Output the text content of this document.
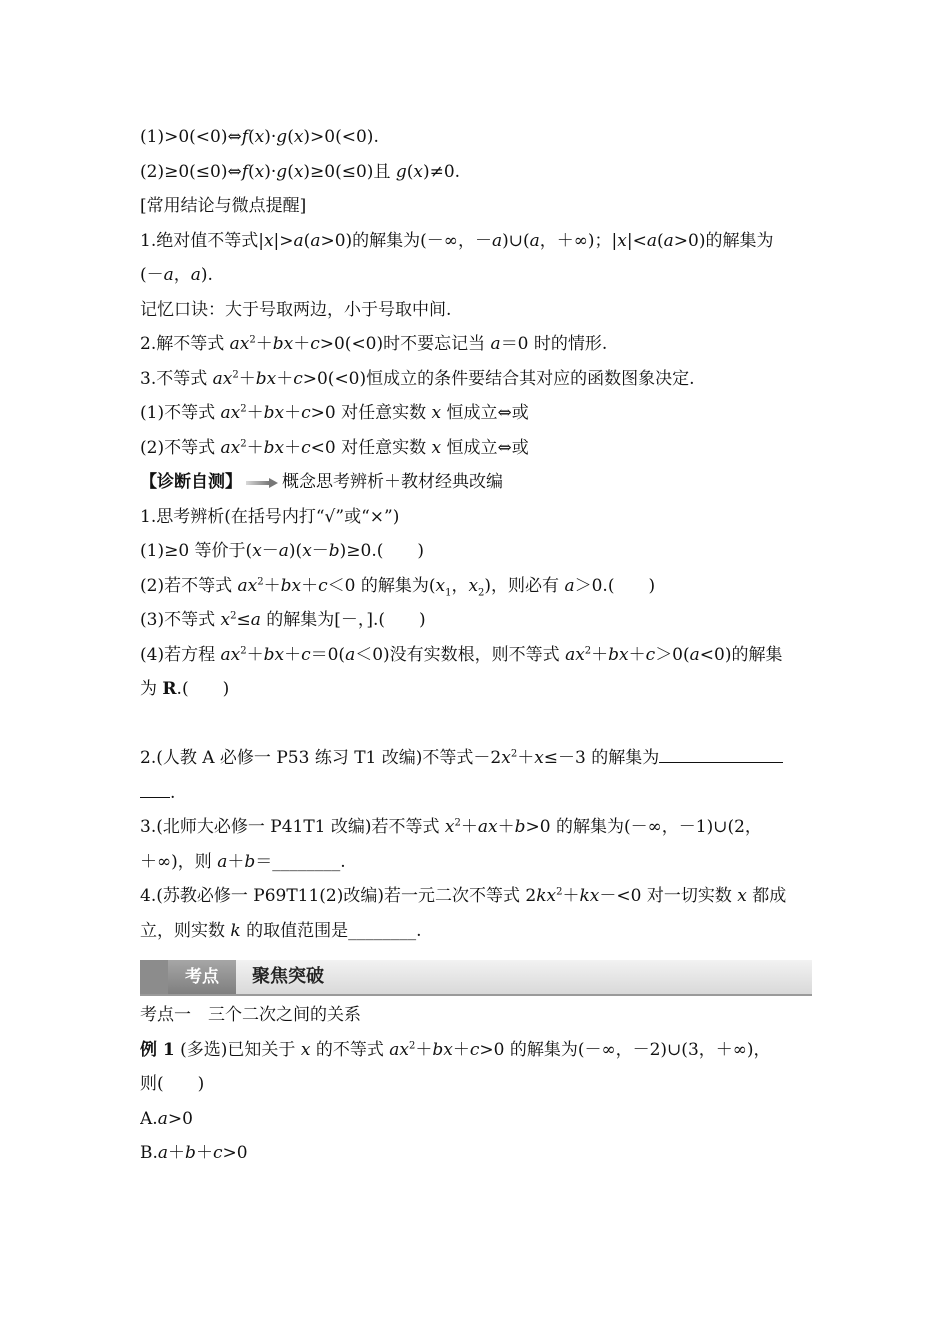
(1)>0(<0)⇔f(x)·g(x)>0(<0).
(2)≥0(≤0)⇔f(x)·g(x)≥0(≤0)且 g(x)≠0.
[常用结论与微点提醒]
1.绝对值不等式|x|>a(a>0)的解集为(－∞，－a)∪(a，＋∞)；|x|<a(a>0)的解集为
(－a，a).
记忆口诀：大于号取两边，小于号取中间.
2.解不等式 $ax^2+bx+c>0(<0)$时不要忘记当 a＝0 时的情形.
3.不等式 $ax^2+bx+c>0(<0)$恒成立的条件要结合其对应的函数图象决定.
(1)不等式 $ax^2+bx+c>0$ 对任意实数 x 恒成立⇔或
(2)不等式 $ax^2+bx+c<0$ 对任意实数 x 恒成立⇔或
【诊断自测】 概念思考辨析＋教材经典改编
1.思考辨析(在括号内打“√”或“×”)
(1)≥0 等价于(x－a)(x－b)≥0.(　　)
(2)若不等式 $ax^2+bx+c<0$ 的解集为($x_1$，$x_2$)，则必有 a＞0.(　　)
(3)不等式 $x^2\le a$ 的解集为[－，].(　　)
(4)若方程 $ax^2+bx+c=0(a<0)$没有实数根，则不等式 $ax^2+bx+c>0(a<0)$的解集
为 R.(　　)
2.(人教 A 必修一 P53 练习 T1 改编)不等式$-2x^2+x\le-3$ 的解集为
.
3.(北师大必修一 P41T1 改编)若不等式 $x^2+ax+b>0$ 的解集为(－∞，－1)∪(2，
＋∞)，则 a＋b＝________.
4.(苏教必修一 P69T11(2)改编)若一元二次不等式 $2kx^2+kx-<0$ 对一切实数 x 都成
立，则实数 k 的取值范围是________.
考点	聚焦突破
考点一　三个二次之间的关系
例 1 (多选)已知关于 x 的不等式 $ax^2+bx+c>0$ 的解集为(－∞，－2)∪(3，＋∞)，
则(　　)
A.a>0
B.a＋b＋c>0
